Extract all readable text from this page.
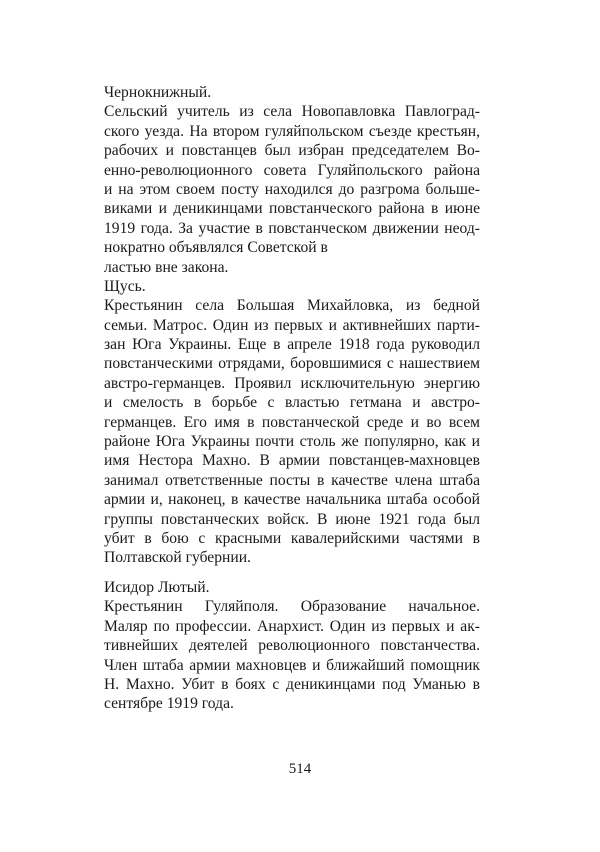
Чернокнижный.
Сельский учитель из села Новопавловка Павлоград-
ского уезда. На втором гуляйпольском съезде крестьян,
рабочих и повстанцев был избран председателем Во-
енно-революционного совета Гуляйпольского района
и на этом своем посту находился до разгрома больше-
виками и деникинцами повстанческого района в июне
1919 года. За участие в повстанческом движении неод-
нократно объявлялся Советской в
ластью вне закона.
Щусь.
Крестьянин села Большая Михайловка, из бедной
семьи. Матрос. Один из первых и активнейших парти-
зан Юга Украины. Еще в апреле 1918 года руководил
повстанческими отрядами, боровшимися с нашествием
австро-германцев. Проявил исключительную энергию
и смелость в борьбе с властью гетмана и австро-
германцев. Его имя в повстанческой среде и во всем
районе Юга Украины почти столь же популярно, как и
имя Нестора Махно. В армии повстанцев-махновцев
занимал ответственные посты в качестве члена штаба
армии и, наконец, в качестве начальника штаба особой
группы повстанческих войск. В июне 1921 года был
убит в бою с красными кавалерийскими частями в
Полтавской губернии.
Исидор Лютый.
Крестьянин Гуляйполя. Образование начальное.
Маляр по профессии. Анархист. Один из первых и ак-
тивнейших деятелей революционного повстанчества.
Член штаба армии махновцев и ближайший помощник
Н. Махно. Убит в боях с деникинцами под Уманью в
сентябре 1919 года.
514
